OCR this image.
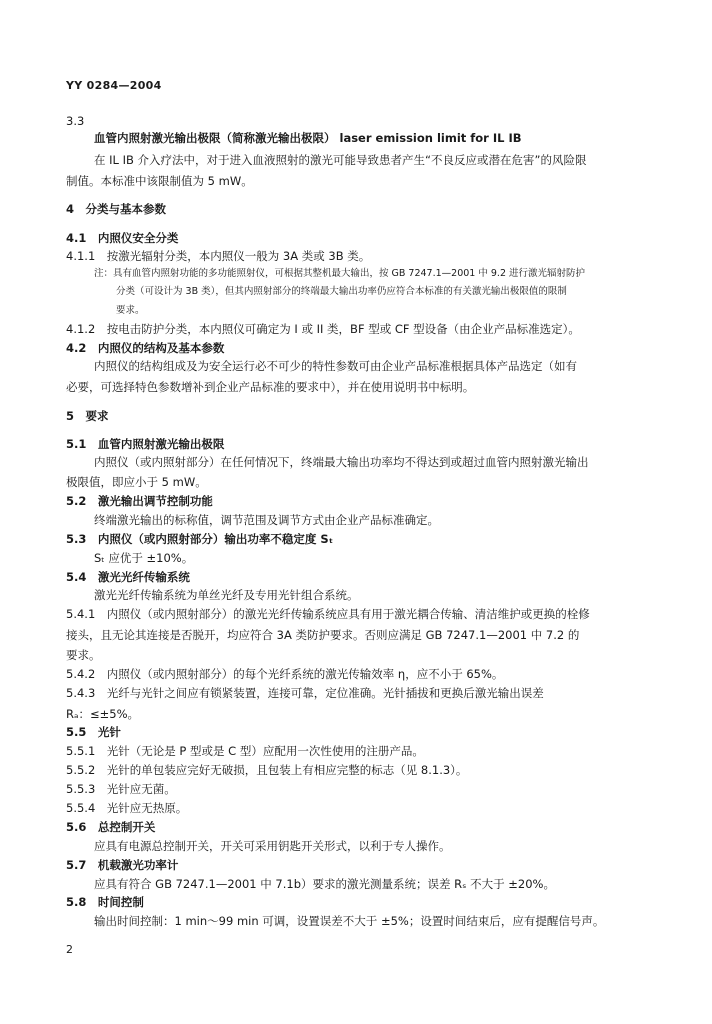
YY 0284—2004
3.3
血管内照射激光输出极限（简称激光输出极限） laser emission limit for IL IB
在 IL IB 介入疗法中，对于进入血液照射的激光可能导致患者产生“不良反应或潜在危害”的风险限
制值。本标准中该限制值为 5 mW。
4　分类与基本参数
4.1　内照仪安全分类
4.1.1　按激光辐射分类，本内照仪一般为 3A 类或 3B 类。
注：具有血管内照射功能的多功能照射仪，可根据其整机最大输出，按 GB 7247.1—2001 中 9.2 进行激光辐射防护
分类（可设计为 3B 类），但其内照射部分的终端最大输出功率仍应符合本标准的有关激光输出极限值的限制
要求。
4.1.2　按电击防护分类，本内照仪可确定为 I 或 II 类，BF 型或 CF 型设备（由企业产品标准选定）。
4.2　内照仪的结构及基本参数
内照仪的结构组成及为安全运行必不可少的特性参数可由企业产品标准根据具体产品选定（如有
必要，可选择特色参数增补到企业产品标准的要求中），并在使用说明书中标明。
5　要求
5.1　血管内照射激光输出极限
内照仪（或内照射部分）在任何情况下，终端最大输出功率均不得达到或超过血管内照射激光输出
极限值，即应小于 5 mW。
5.2　激光输出调节控制功能
终端激光输出的标称值，调节范围及调节方式由企业产品标准确定。
5.3　内照仪（或内照射部分）输出功率不稳定度 Sₜ
Sₜ 应优于 ±10%。
5.4　激光光纤传输系统
激光光纤传输系统为单丝光纤及专用光针组合系统。
5.4.1　内照仪（或内照射部分）的激光光纤传输系统应具有用于激光耦合传输、清洁维护或更换的栓修
接头，且无论其连接是否脱开，均应符合 3A 类防护要求。否则应满足 GB 7247.1—2001 中 7.2 的
要求。
5.4.2　内照仪（或内照射部分）的每个光纤系统的激光传输效率 η，应不小于 65%。
5.4.3　光纤与光针之间应有锁紧装置，连接可靠，定位准确。光针插拔和更换后激光输出误差
Rₐ：≤±5%。
5.5　光针
5.5.1　光针（无论是 P 型或是 C 型）应配用一次性使用的注册产品。
5.5.2　光针的单包装应完好无破损，且包装上有相应完整的标志（见 8.1.3）。
5.5.3　光针应无菌。
5.5.4　光针应无热原。
5.6　总控制开关
应具有电源总控制开关，开关可采用钥匙开关形式，以利于专人操作。
5.7　机载激光功率计
应具有符合 GB 7247.1—2001 中 7.1b）要求的激光测量系统；误差 Rₛ 不大于 ±20%。
5.8　时间控制
输出时间控制：1 min～99 min 可调，设置误差不大于 ±5%；设置时间结束后，应有提醒信号声。
2
